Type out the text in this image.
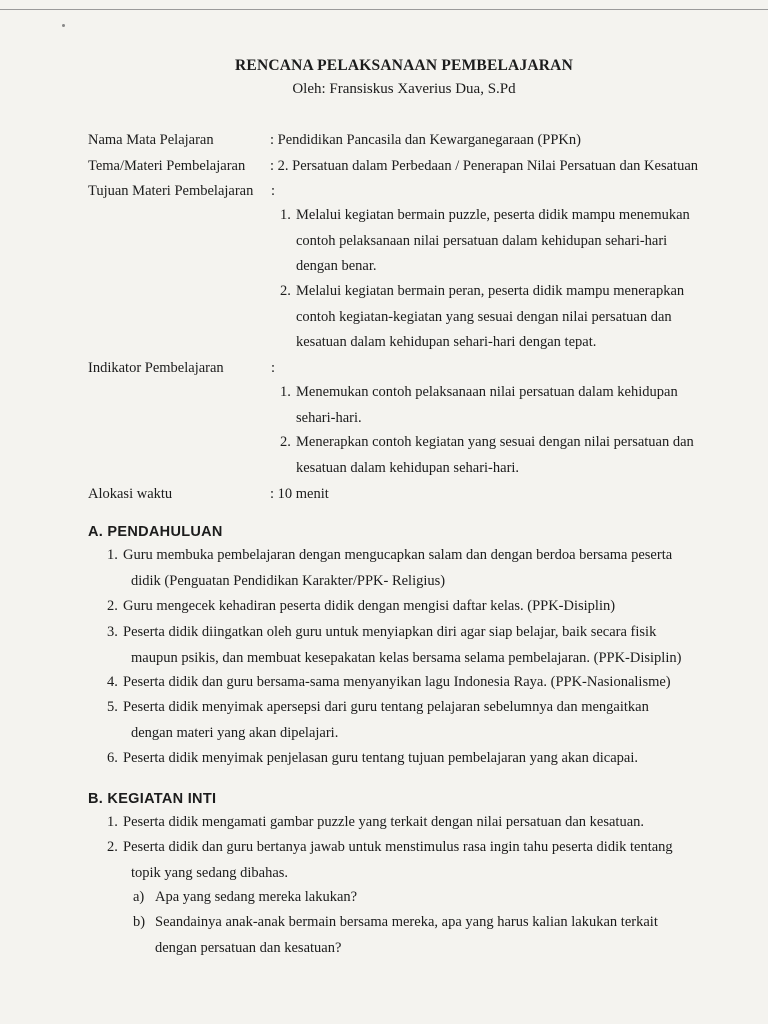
RENCANA PELAKSANAAN PEMBELAJARAN
Oleh: Fransiskus Xaverius Dua, S.Pd
Nama Mata Pelajaran	: Pendidikan Pancasila dan Kewarganegaraan (PPKn)
Tema/Materi Pembelajaran : 2. Persatuan dalam Perbedaan / Penerapan Nilai Persatuan dan Kesatuan
Tujuan Materi Pembelajaran :
1. Melalui kegiatan bermain puzzle, peserta didik mampu menemukan
contoh pelaksanaan nilai persatuan dalam kehidupan sehari-hari
dengan benar.
2. Melalui kegiatan bermain peran, peserta didik mampu menerapkan
contoh kegiatan-kegiatan yang sesuai dengan nilai persatuan dan
kesatuan dalam kehidupan sehari-hari dengan tepat.
Indikator Pembelajaran	:
1. Menemukan contoh pelaksanaan nilai persatuan dalam kehidupan
sehari-hari.
2. Menerapkan contoh kegiatan yang sesuai dengan nilai persatuan dan
kesatuan dalam kehidupan sehari-hari.
Alokasi waktu	: 10 menit
A. PENDAHULUAN
1. Guru membuka pembelajaran dengan mengucapkan salam dan dengan berdoa bersama peserta
didik (Penguatan Pendidikan Karakter/PPK- Religius)
2. Guru mengecek kehadiran peserta didik dengan mengisi daftar kelas. (PPK-Disiplin)
3. Peserta didik diingatkan oleh guru untuk menyiapkan diri agar siap belajar, baik secara fisik
maupun psikis, dan membuat kesepakatan kelas bersama selama pembelajaran. (PPK-Disiplin)
4. Peserta didik dan guru bersama-sama menyanyikan lagu Indonesia Raya. (PPK-Nasionalisme)
5. Peserta didik menyimak apersepsi dari guru tentang pelajaran sebelumnya dan mengaitkan
dengan materi yang akan dipelajari.
6. Peserta didik menyimak penjelasan guru tentang tujuan pembelajaran yang akan dicapai.
B. KEGIATAN INTI
1. Peserta didik mengamati gambar puzzle yang terkait dengan nilai persatuan dan kesatuan.
2. Peserta didik dan guru bertanya jawab untuk menstimulus rasa ingin tahu peserta didik tentang
topik yang sedang dibahas.
a) Apa yang sedang mereka lakukan?
b) Seandainya anak-anak bermain bersama mereka, apa yang harus kalian lakukan terkait
dengan persatuan dan kesatuan?
